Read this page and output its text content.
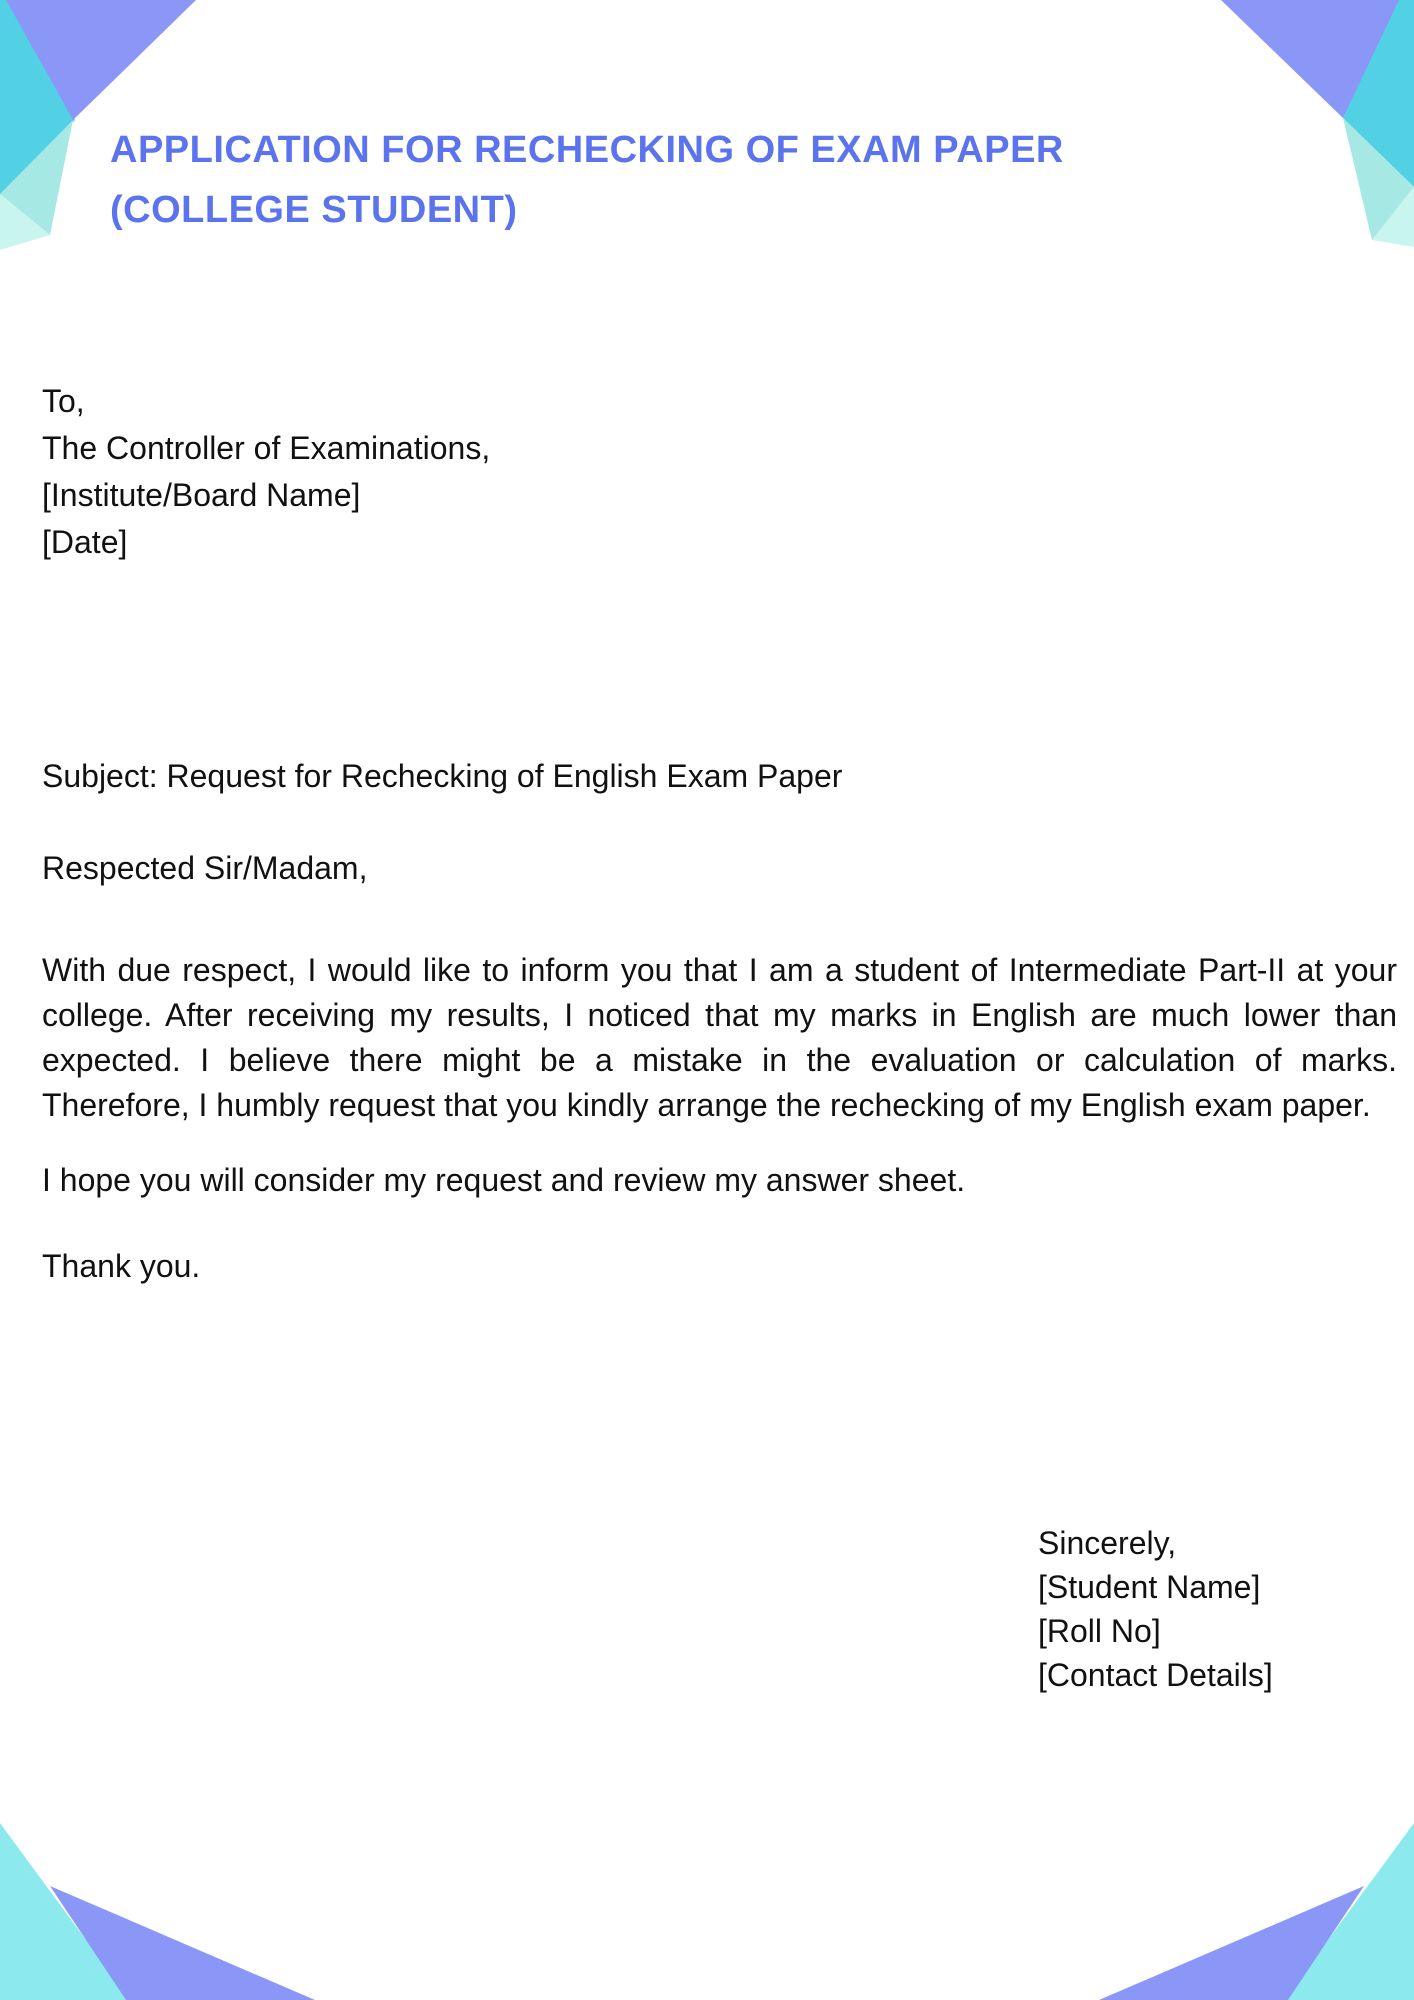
APPLICATION FOR RECHECKING OF EXAM PAPER
(COLLEGE STUDENT)
To,
The Controller of Examinations,
[Institute/Board Name]
[Date]
Subject: Request for Rechecking of English Exam Paper
Respected Sir/Madam,
With due respect, I would like to inform you that I am a student of Intermediate Part-II at your college. After receiving my results, I noticed that my marks in English are much lower than expected. I believe there might be a mistake in the evaluation or calculation of marks. Therefore, I humbly request that you kindly arrange the rechecking of my English exam paper.
I hope you will consider my request and review my answer sheet.
Thank you.
Sincerely,
[Student Name]
[Roll No]
[Contact Details]
